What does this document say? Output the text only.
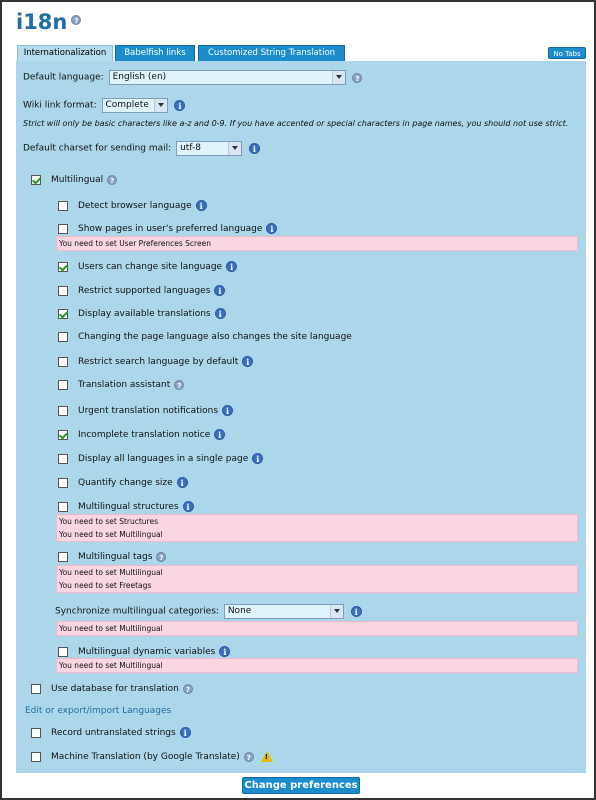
i18n ?
Internationalization	Babelfish links	Customized String Translation	No Tabs
Default language: English (en)	?
Wiki link format: Complete	i
Strict will only be basic characters like a-z and 0-9. If you have accented or special characters in page names, you should not use strict.
Default charset for sending mail: utf-8	i
Multilingual ?
Detect browser language i
Show pages in user's preferred language i
You need to set User Preferences Screen
Users can change site language i
Restrict supported languages i
Display available translations i
Changing the page language also changes the site language
Restrict search language by default i
Translation assistant ?
Urgent translation notifications i
Incomplete translation notice i
Display all languages in a single page i
Quantify change size i
Multilingual structures i
You need to set Structures
You need to set Multilingual
Multilingual tags ?
You need to set Multilingual
You need to set Freetags
Synchronize multilingual categories: None	i
You need to set Multilingual
Multilingual dynamic variables i
You need to set Multilingual
Use database for translation ?
Edit or export/import Languages
Record untranslated strings i
Machine Translation (by Google Translate) ? !
Change preferences
